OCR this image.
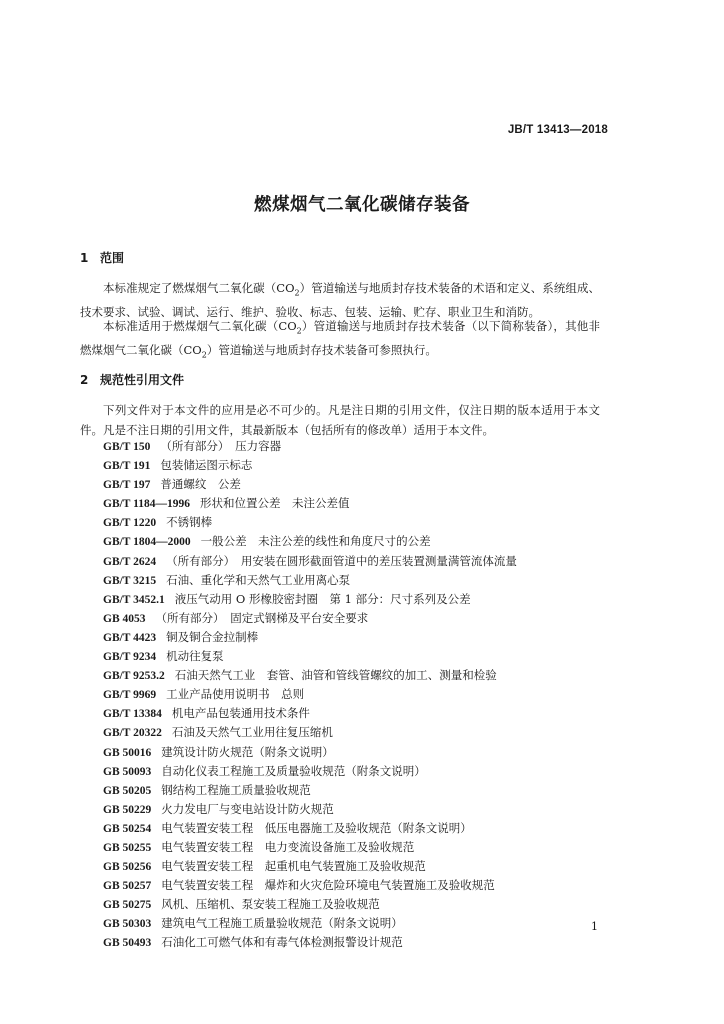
JB/T 13413—2018
燃煤烟气二氧化碳储存装备
1 范围
本标准规定了燃煤烟气二氧化碳$(CO_2)$管道输送与地质封存技术装备的术语和定义、系统组成、技术要求、试验、调试、运行、维护、验收、标志、包装、运输、贮存、职业卫生和消防。
本标准适用于燃煤烟气二氧化碳$(CO_2)$管道输送与地质封存技术装备（以下简称装备），其他非燃煤烟气二氧化碳$(CO_2)$管道输送与地质封存技术装备可参照执行。
2 规范性引用文件
下列文件对于本文件的应用是必不可少的。凡是注日期的引用文件，仅注日期的版本适用于本文件。凡是不注日期的引用文件，其最新版本（包括所有的修改单）适用于本文件。
GB/T 150 （所有部分）　压力容器
GB/T 191 包装储运图示标志
GB/T 197 普通螺纹　公差
GB/T 1184—1996 形状和位置公差　未注公差值
GB/T 1220 不锈钢棒
GB/T 1804—2000 一般公差　未注公差的线性和角度尺寸的公差
GB/T 2624 （所有部分）　用安装在圆形截面管道中的差压装置测量满管流体流量
GB/T 3215 石油、重化学和天然气工业用离心泵
GB/T 3452.1 液压气动用 O 形橡胶密封圈　第 1 部分：尺寸系列及公差
GB 4053 （所有部分）　固定式钢梯及平台安全要求
GB/T 4423 铜及铜合金拉制棒
GB/T 9234 机动往复泵
GB/T 9253.2 石油天然气工业　套管、油管和管线管螺纹的加工、测量和检验
GB/T 9969 工业产品使用说明书　总则
GB/T 13384 机电产品包装通用技术条件
GB/T 20322 石油及天然气工业用往复压缩机
GB 50016 建筑设计防火规范（附条文说明）
GB 50093 自动化仪表工程施工及质量验收规范（附条文说明）
GB 50205 钢结构工程施工质量验收规范
GB 50229 火力发电厂与变电站设计防火规范
GB 50254 电气装置安装工程　低压电器施工及验收规范（附条文说明）
GB 50255 电气装置安装工程　电力变流设备施工及验收规范
GB 50256 电气装置安装工程　起重机电气装置施工及验收规范
GB 50257 电气装置安装工程　爆炸和火灾危险环境电气装置施工及验收规范
GB 50275 风机、压缩机、泵安装工程施工及验收规范
GB 50303 建筑电气工程施工质量验收规范（附条文说明）
GB 50493 石油化工可燃气体和有毒气体检测报警设计规范
1
